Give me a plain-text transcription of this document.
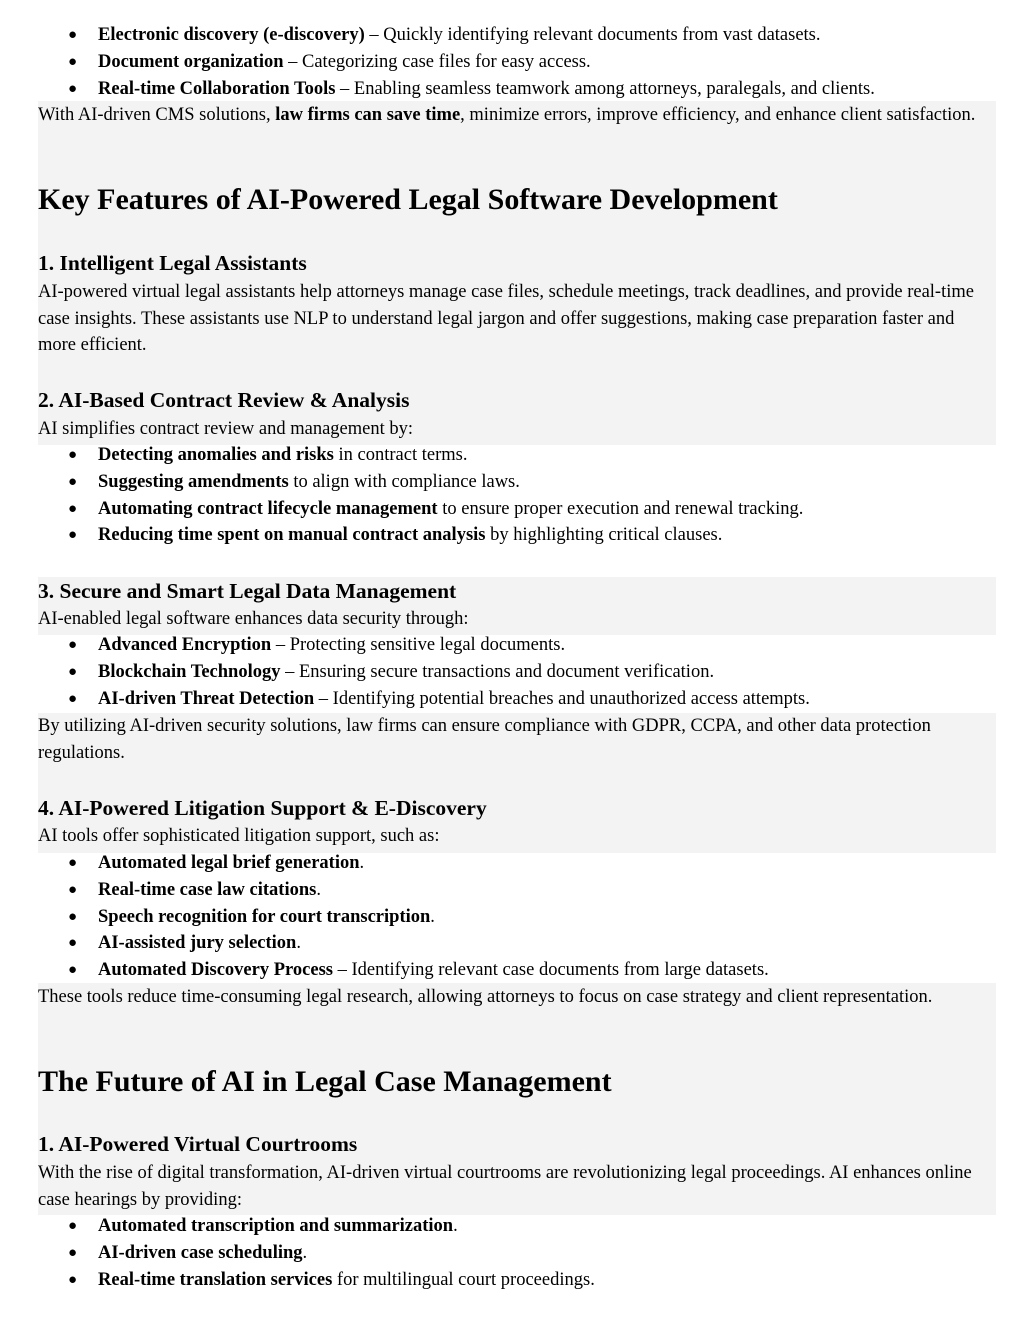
● Electronic discovery (e-discovery) – Quickly identifying relevant documents from vast datasets.
● Document organization – Categorizing case files for easy access.
● Real-time Collaboration Tools – Enabling seamless teamwork among attorneys, paralegals, and clients.

With AI-driven CMS solutions, law firms can save time, minimize errors, improve efficiency, and enhance client satisfaction.

Key Features of AI-Powered Legal Software Development
1. Intelligent Legal Assistants

AI-powered virtual legal assistants help attorneys manage case files, schedule meetings, track deadlines, and provide real-time case insights. These assistants use NLP to understand legal jargon and offer suggestions, making case preparation faster and more efficient.

2. AI-Based Contract Review & Analysis

AI simplifies contract review and management by:

● Detecting anomalies and risks in contract terms.
● Suggesting amendments to align with compliance laws.
● Automating contract lifecycle management to ensure proper execution and renewal tracking.
● Reducing time spent on manual contract analysis by highlighting critical clauses.
3. Secure and Smart Legal Data Management

AI-enabled legal software enhances data security through:

● Advanced Encryption – Protecting sensitive legal documents.
● Blockchain Technology – Ensuring secure transactions and document verification.
● AI-driven Threat Detection – Identifying potential breaches and unauthorized access attempts.

By utilizing AI-driven security solutions, law firms can ensure compliance with GDPR, CCPA, and other data protection regulations.

4. AI-Powered Litigation Support & E-Discovery

AI tools offer sophisticated litigation support, such as:

● Automated legal brief generation.
● Real-time case law citations.
● Speech recognition for court transcription.
● AI-assisted jury selection.
● Automated Discovery Process – Identifying relevant case documents from large datasets.

These tools reduce time-consuming legal research, allowing attorneys to focus on case strategy and client representation.

The Future of AI in Legal Case Management
1. AI-Powered Virtual Courtrooms

With the rise of digital transformation, AI-driven virtual courtrooms are revolutionizing legal proceedings. AI enhances online case hearings by providing:

● Automated transcription and summarization.
● AI-driven case scheduling.
● Real-time translation services for multilingual court proceedings.
